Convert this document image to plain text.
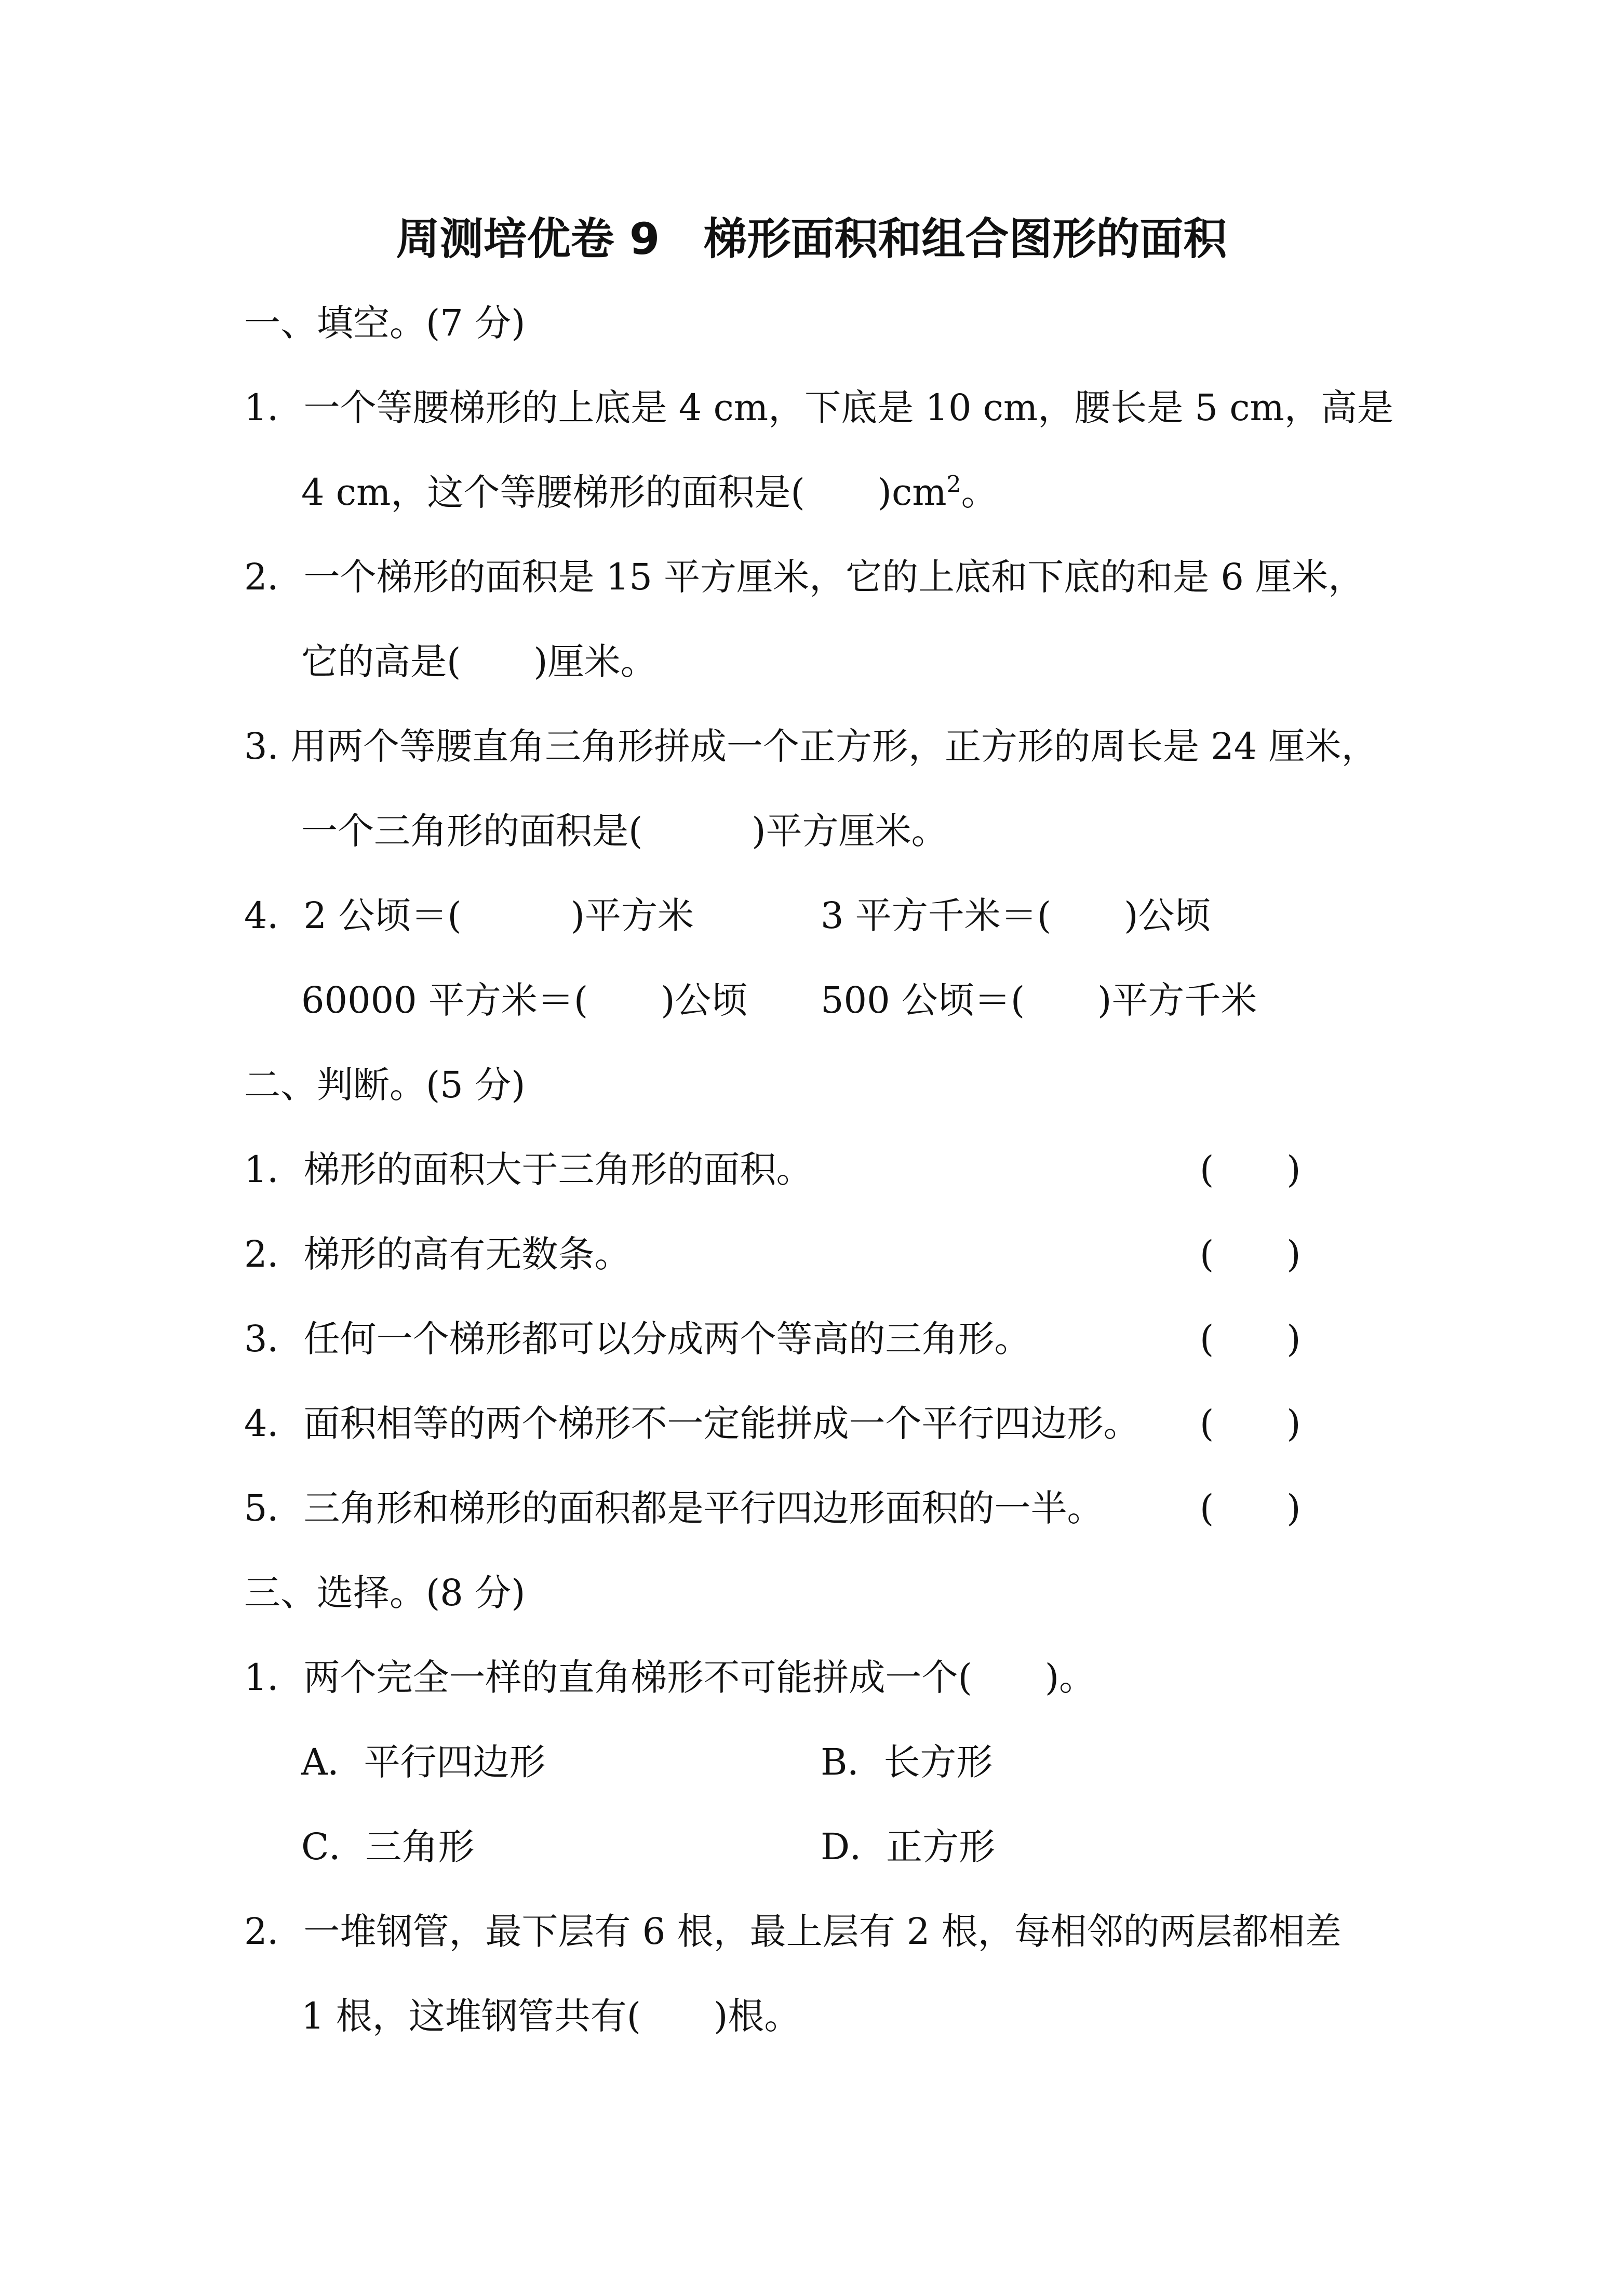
周测培优卷 9　梯形面积和组合图形的面积
一、填空。(7 分)
1．一个等腰梯形的上底是 4 cm，下底是 10 cm，腰长是 5 cm，高是
4 cm，这个等腰梯形的面积是(　　)$cm^2$。
2．一个梯形的面积是 15 平方厘米，它的上底和下底的和是 6 厘米，
它的高是(　　)厘米。
3. 用两个等腰直角三角形拼成一个正方形，正方形的周长是 24 厘米，
一个三角形的面积是(　　　)平方厘米。
4．2 公顷＝(　　　)平方米	3 平方千米＝(　　)公顷
60000 平方米＝(　　)公顷 500 公顷＝(　　)平方千米
二、判断。(5 分)
1．梯形的面积大于三角形的面积。	(　　)
2．梯形的高有无数条。	(　　)
3．任何一个梯形都可以分成两个等高的三角形。	(　　)
4．面积相等的两个梯形不一定能拼成一个平行四边形。 (　　)
5．三角形和梯形的面积都是平行四边形面积的一半。	(　　)
三、选择。(8 分)
1．两个完全一样的直角梯形不可能拼成一个(　　)。
A．平行四边形	B．长方形
C．三角形	D．正方形
2．一堆钢管，最下层有 6 根，最上层有 2 根，每相邻的两层都相差
1 根，这堆钢管共有(　　)根。
